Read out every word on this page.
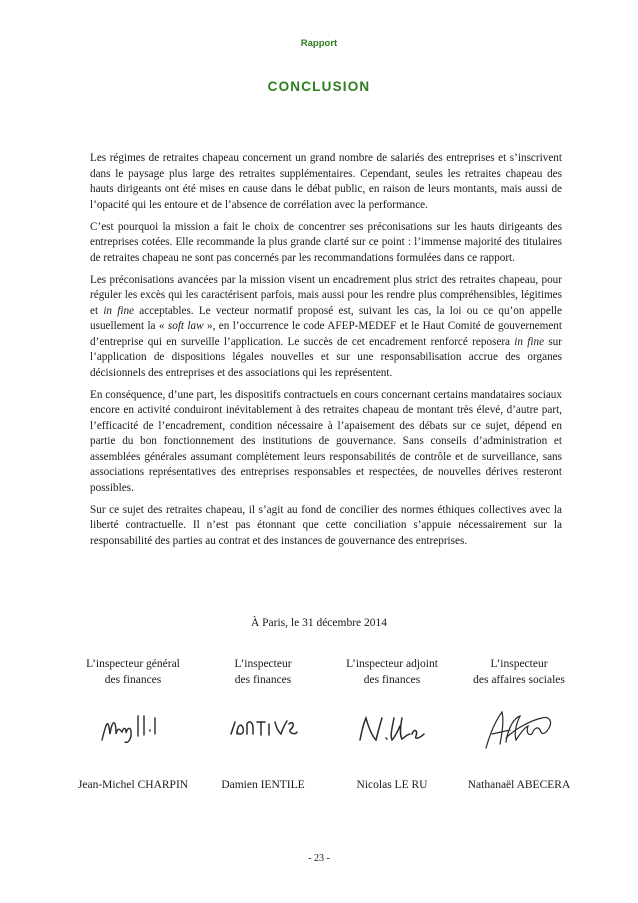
Rapport
CONCLUSION

Les régimes de retraites chapeau concernent un grand nombre de salariés des entreprises et s’inscrivent dans le paysage plus large des retraites supplémentaires. Cependant, seules les retraites chapeau des hauts dirigeants ont été mises en cause dans le débat public, en raison de leurs montants, mais aussi de l’opacité qui les entoure et de l’absence de corrélation avec la performance.

C’est pourquoi la mission a fait le choix de concentrer ses préconisations sur les hauts dirigeants des entreprises cotées. Elle recommande la plus grande clarté sur ce point : l’immense majorité des titulaires de retraites chapeau ne sont pas concernés par les recommandations formulées dans ce rapport.

Les préconisations avancées par la mission visent un encadrement plus strict des retraites chapeau, pour réguler les excès qui les caractérisent parfois, mais aussi pour les rendre plus compréhensibles, légitimes et in fine acceptables. Le vecteur normatif proposé est, suivant les cas, la loi ou ce qu’on appelle usuellement la « soft law », en l’occurrence le code AFEP-MEDEF et le Haut Comité de gouvernement d’entreprise qui en surveille l’application. Le succès de cet encadrement renforcé reposera in fine sur l’application de dispositions légales nouvelles et sur une responsabilisation accrue des organes décisionnels des entreprises et des associations qui les représentent.

En conséquence, d’une part, les dispositifs contractuels en cours concernant certains mandataires sociaux encore en activité conduiront inévitablement à des retraites chapeau de montant très élevé, d’autre part, l’efficacité de l’encadrement, condition nécessaire à l’apaisement des débats sur ce sujet, dépend en partie du bon fonctionnement des institutions de gouvernance. Sans conseils d’administration et assemblées générales assumant complètement leurs responsabilités de contrôle et de surveillance, sans associations représentatives des entreprises responsables et respectées, de nouvelles dérives resteront possibles.

Sur ce sujet des retraites chapeau, il s’agit au fond de concilier des normes éthiques collectives avec la liberté contractuelle. Il n’est pas étonnant que cette conciliation s’appuie nécessairement sur la responsabilité des parties au contrat et des instances de gouvernance des entreprises.

À Paris, le 31 décembre 2014
L’inspecteur général
des finances
Jean-Michel CHARPIN
L’inspecteur
des finances
Damien IENTILE
L’inspecteur adjoint
des finances
Nicolas LE RU
L’inspecteur
des affaires sociales
Nathanaël ABECERA
- 23 -
